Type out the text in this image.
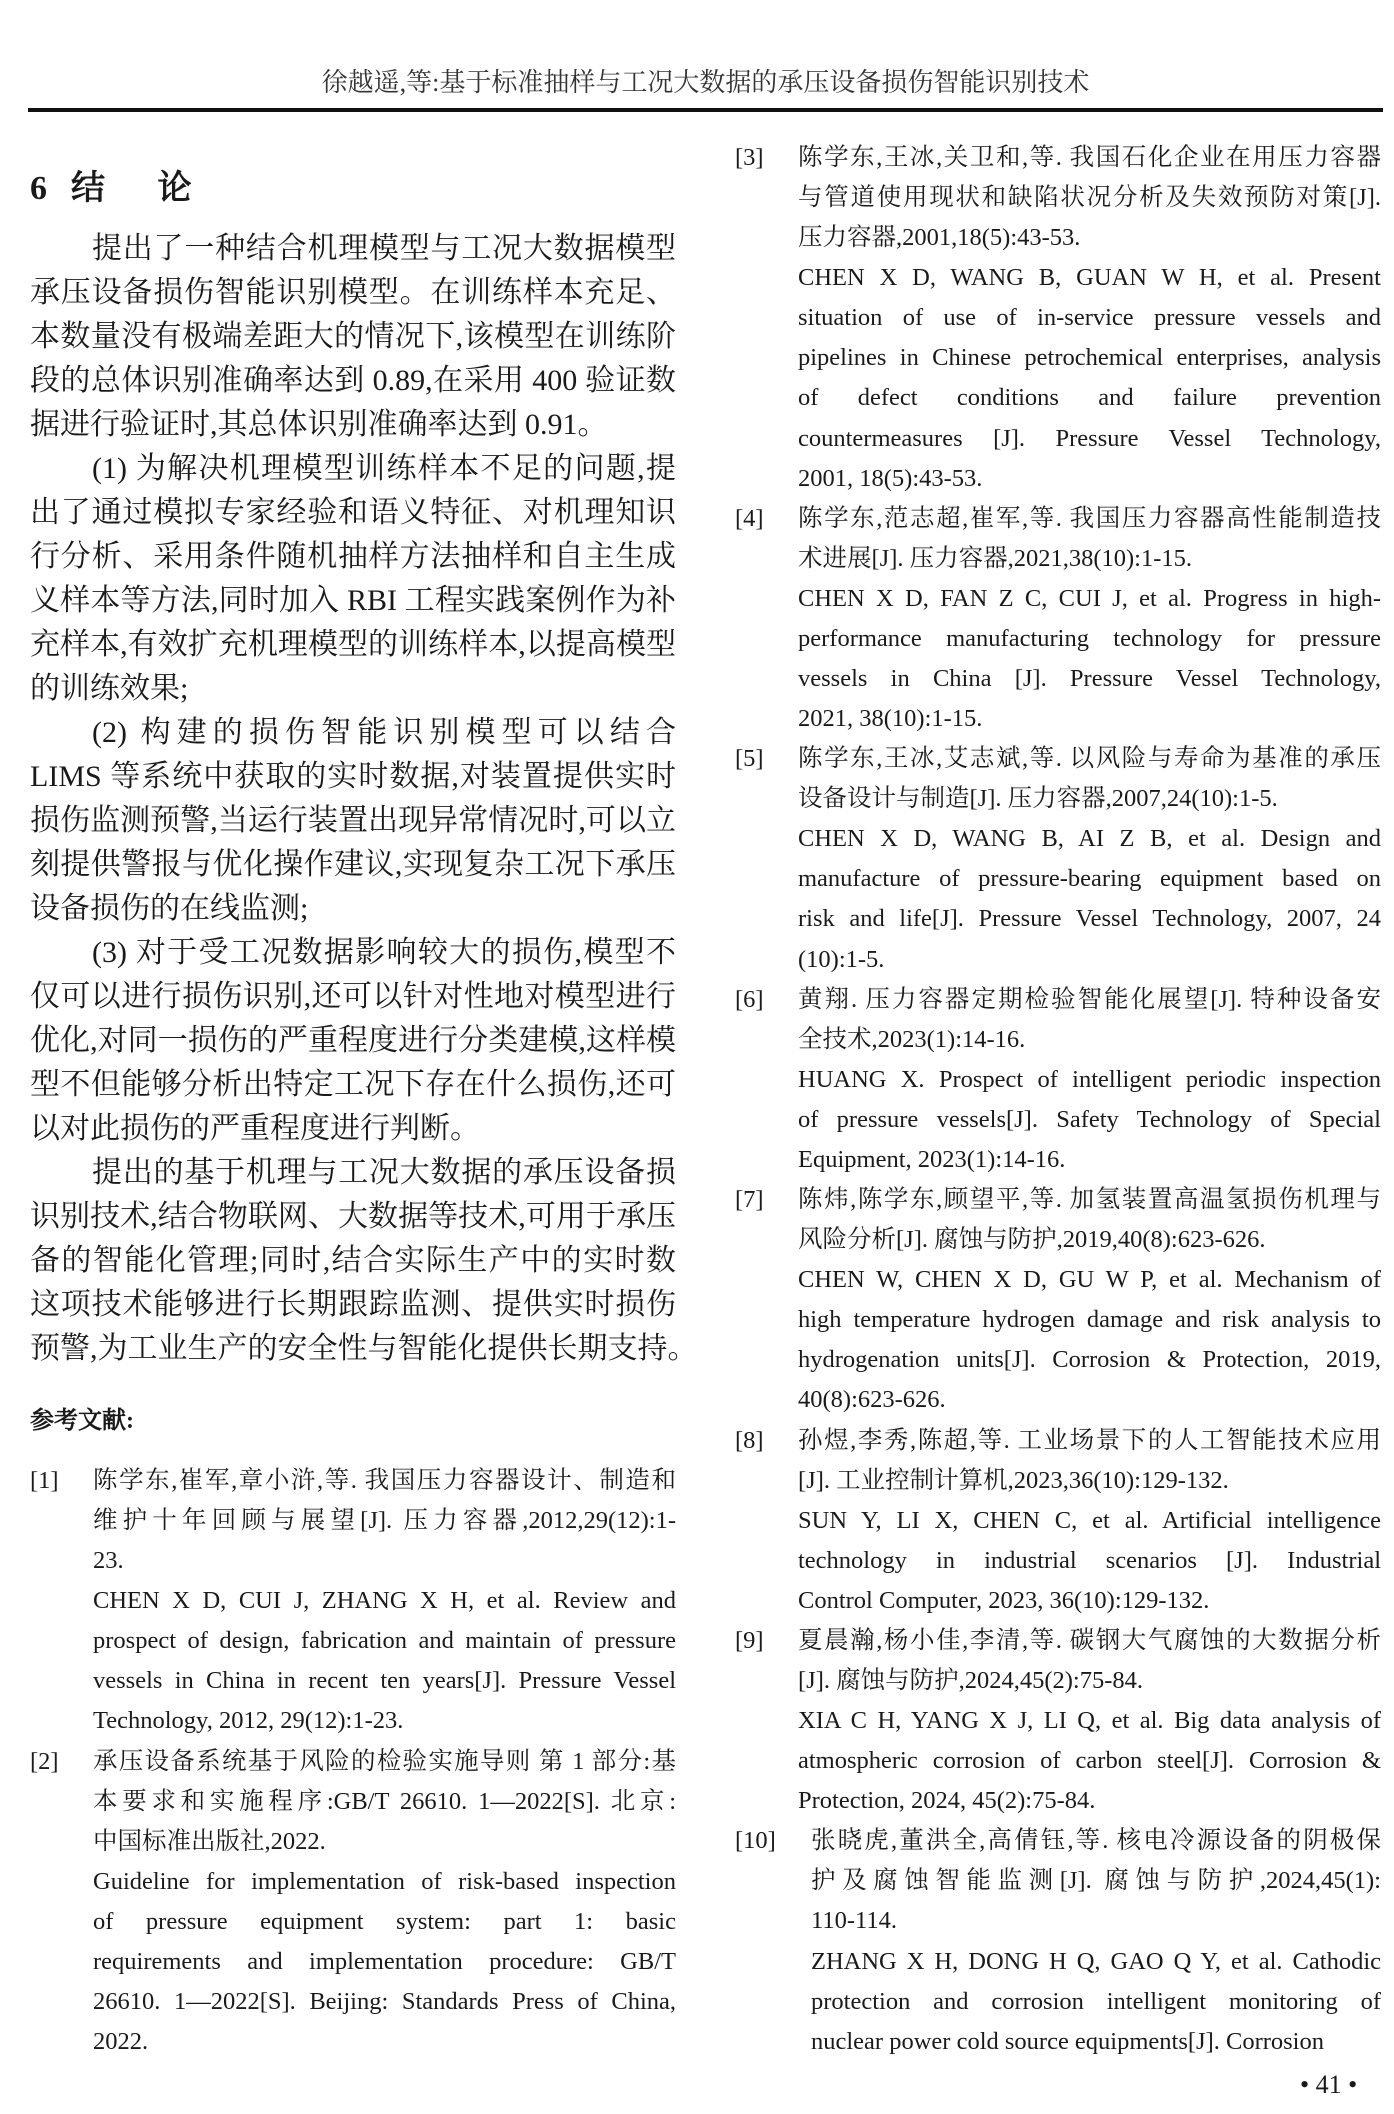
徐越遥,等:基于标准抽样与工况大数据的承压设备损伤智能识别技术
6 结 论
提出了一种结合机理模型与工况大数据模型
承压设备损伤智能识别模型。在训练样本充足、
本数量没有极端差距大的情况下,该模型在训练阶
段的总体识别准确率达到 0.89,在采用 400 验证数
据进行验证时,其总体识别准确率达到 0.91。
(1) 为解决机理模型训练样本不足的问题,提
出了通过模拟专家经验和语义特征、对机理知识
行分析、采用条件随机抽样方法抽样和自主生成
义样本等方法,同时加入 RBI 工程实践案例作为补
充样本,有效扩充机理模型的训练样本,以提高模型
的训练效果;
(2) 构建的损伤智能识别模型可以结合
LIMS 等系统中获取的实时数据,对装置提供实时
损伤监测预警,当运行装置出现异常情况时,可以立
刻提供警报与优化操作建议,实现复杂工况下承压
设备损伤的在线监测;
(3) 对于受工况数据影响较大的损伤,模型不
仅可以进行损伤识别,还可以针对性地对模型进行
优化,对同一损伤的严重程度进行分类建模,这样模
型不但能够分析出特定工况下存在什么损伤,还可
以对此损伤的严重程度进行判断。
提出的基于机理与工况大数据的承压设备损
识别技术,结合物联网、大数据等技术,可用于承压
备的智能化管理;同时,结合实际生产中的实时数
这项技术能够进行长期跟踪监测、提供实时损伤
预警,为工业生产的安全性与智能化提供长期支持。
参考文献:
[1] 陈学东,崔军,章小浒,等. 我国压力容器设计、制造和
维护十年回顾与展望[J]. 压力容器,2012,29(12):1-
23.
CHEN X D, CUI J, ZHANG X H, et al. Review and
prospect of design, fabrication and maintain of pressure
vessels in China in recent ten years[J]. Pressure Vessel
Technology, 2012, 29(12):1-23.
[2] 承压设备系统基于风险的检验实施导则 第 1 部分:基
本要求和实施程序:GB/T 26610. 1—2022[S]. 北京:
中国标准出版社,2022.
Guideline for implementation of risk-based inspection
of pressure equipment system: part 1: basic
requirements and implementation procedure: GB/T
26610. 1—2022[S]. Beijing: Standards Press of China,
2022.
[3] 陈学东,王冰,关卫和,等. 我国石化企业在用压力容器
与管道使用现状和缺陷状况分析及失效预防对策[J].
压力容器,2001,18(5):43-53.
CHEN X D, WANG B, GUAN W H, et al. Present
situation of use of in-service pressure vessels and
pipelines in Chinese petrochemical enterprises, analysis
of defect conditions and failure prevention
countermeasures [J]. Pressure Vessel Technology,
2001, 18(5):43-53.
[4] 陈学东,范志超,崔军,等. 我国压力容器高性能制造技
术进展[J]. 压力容器,2021,38(10):1-15.
CHEN X D, FAN Z C, CUI J, et al. Progress in high-
performance manufacturing technology for pressure
vessels in China [J]. Pressure Vessel Technology,
2021, 38(10):1-15.
[5] 陈学东,王冰,艾志斌,等. 以风险与寿命为基准的承压
设备设计与制造[J]. 压力容器,2007,24(10):1-5.
CHEN X D, WANG B, AI Z B, et al. Design and
manufacture of pressure-bearing equipment based on
risk and life[J]. Pressure Vessel Technology, 2007, 24
(10):1-5.
[6] 黄翔. 压力容器定期检验智能化展望[J]. 特种设备安
全技术,2023(1):14-16.
HUANG X. Prospect of intelligent periodic inspection
of pressure vessels[J]. Safety Technology of Special
Equipment, 2023(1):14-16.
[7] 陈炜,陈学东,顾望平,等. 加氢装置高温氢损伤机理与
风险分析[J]. 腐蚀与防护,2019,40(8):623-626.
CHEN W, CHEN X D, GU W P, et al. Mechanism of
high temperature hydrogen damage and risk analysis to
hydrogenation units[J]. Corrosion & Protection, 2019,
40(8):623-626.
[8] 孙煜,李秀,陈超,等. 工业场景下的人工智能技术应用
[J]. 工业控制计算机,2023,36(10):129-132.
SUN Y, LI X, CHEN C, et al. Artificial intelligence
technology in industrial scenarios [J]. Industrial
Control Computer, 2023, 36(10):129-132.
[9] 夏晨瀚,杨小佳,李清,等. 碳钢大气腐蚀的大数据分析
[J]. 腐蚀与防护,2024,45(2):75-84.
XIA C H, YANG X J, LI Q, et al. Big data analysis of
atmospheric corrosion of carbon steel[J]. Corrosion &
Protection, 2024, 45(2):75-84.
[10] 张晓虎,董洪全,高倩钰,等. 核电冷源设备的阴极保
护及腐蚀智能监测[J]. 腐蚀与防护,2024,45(1):
110-114.
ZHANG X H, DONG H Q, GAO Q Y, et al. Cathodic
protection and corrosion intelligent monitoring of
nuclear power cold source equipments[J]. Corrosion
• 41 •
